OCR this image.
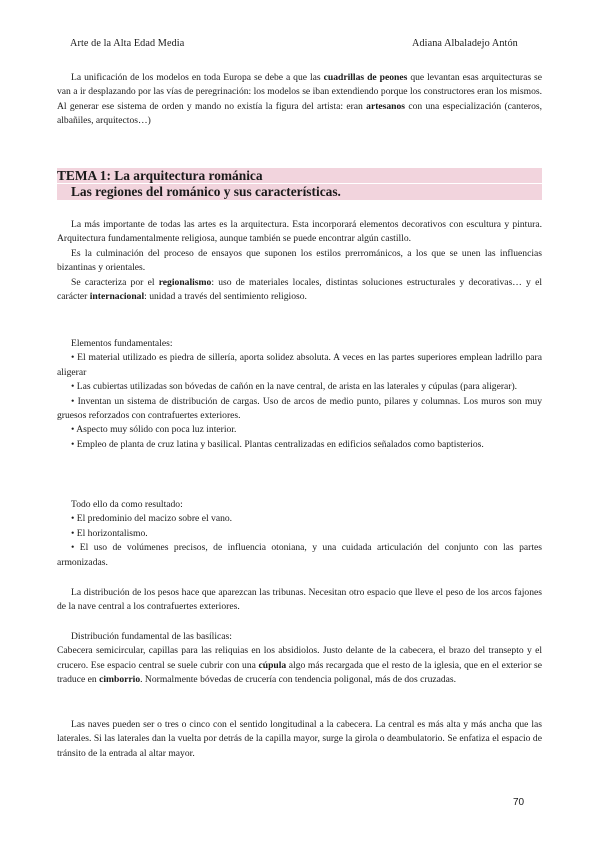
Arte de la Alta Edad Media	Adiana Albaladejo Antón

La unificación de los modelos en toda Europa se debe a que las cuadrillas de peones que levantan esas arquitecturas se van a ir desplazando por las vías de peregrinación: los modelos se iban extendiendo porque los constructores eran los mismos. Al generar ese sistema de orden y mando no existía la figura del artista: eran artesanos con una especialización (canteros, albañiles, arquitectos…)

TEMA 1: La arquitectura románica
Las regiones del románico y sus características.

La más importante de todas las artes es la arquitectura. Esta incorporará elementos decorativos con escultura y pintura. Arquitectura fundamentalmente religiosa, aunque también se puede encontrar algún castillo.

Es la culminación del proceso de ensayos que suponen los estilos prerrománicos, a los que se unen las influencias bizantinas y orientales.

Se caracteriza por el regionalismo: uso de materiales locales, distintas soluciones estructurales y decorativas… y el carácter internacional: unidad a través del sentimiento religioso.

Elementos fundamentales:

• El material utilizado es piedra de sillería, aporta solidez absoluta. A veces en las partes superiores emplean ladrillo para aligerar

• Las cubiertas utilizadas son bóvedas de cañón en la nave central, de arista en las laterales y cúpulas (para aligerar).

• Inventan un sistema de distribución de cargas. Uso de arcos de medio punto, pilares y columnas. Los muros son muy gruesos reforzados con contrafuertes exteriores.

• Aspecto muy sólido con poca luz interior.

• Empleo de planta de cruz latina y basilical. Plantas centralizadas en edificios señalados como baptisterios.

Todo ello da como resultado:

• El predominio del macizo sobre el vano.

• El horizontalismo.

• El uso de volúmenes precisos, de influencia otoniana, y una cuidada articulación del conjunto con las partes armonizadas.

La distribución de los pesos hace que aparezcan las tribunas. Necesitan otro espacio que lleve el peso de los arcos fajones de la nave central a los contrafuertes exteriores.

Distribución fundamental de las basílicas:

Cabecera semicircular, capillas para las reliquias en los absidiolos. Justo delante de la cabecera, el brazo del transepto y el crucero. Ese espacio central se suele cubrir con una cúpula algo más recargada que el resto de la iglesia, que en el exterior se traduce en cimborrio. Normalmente bóvedas de crucería con tendencia poligonal, más de dos cruzadas.

Las naves pueden ser o tres o cinco con el sentido longitudinal a la cabecera. La central es más alta y más ancha que las laterales. Si las laterales dan la vuelta por detrás de la capilla mayor, surge la girola o deambulatorio. Se enfatiza el espacio de tránsito de la entrada al altar mayor.

70
